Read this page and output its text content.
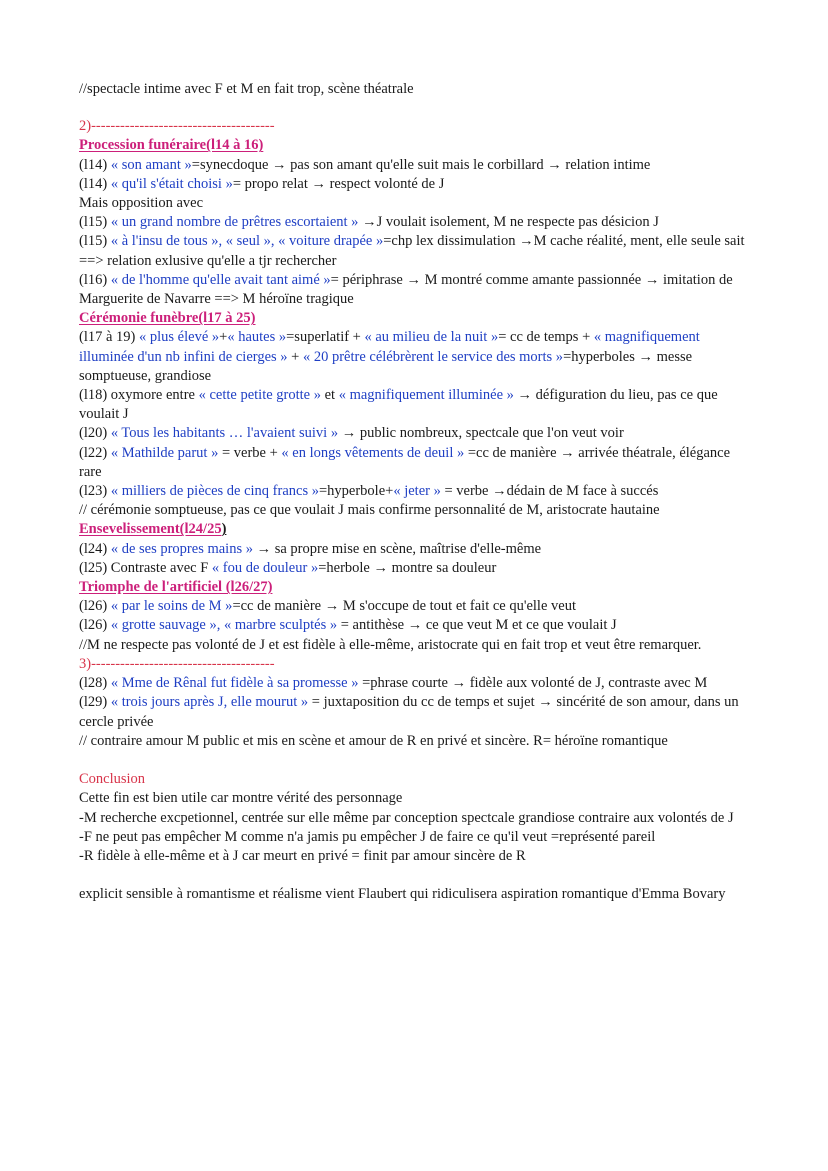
//spectacle intime avec F et M en fait trop, scène théatrale
2)--------------------------------------
Procession funéraire(l14 à 16)
(l14) « son amant »=synecdoque → pas son amant qu'elle suit mais le corbillard → relation intime
(l14) « qu'il s'était choisi »= propo relat → respect volonté de J
Mais opposition avec
(l15) « un grand nombre de prêtres escortaient » →J voulait isolement, M ne respecte pas désicion J
(l15) « à l'insu de tous », « seul », « voiture drapée »=chp lex dissimulation →M cache réalité, ment, elle seule sait ==> relation exlusive qu'elle a tjr rechercher
(l16) « de l'homme qu'elle avait tant aimé »= périphrase → M montré comme amante passionnée → imitation de Marguerite de Navarre ==> M héroïne tragique
Cérémonie funèbre(l17 à 25)
(l17 à 19) « plus élevé »+« hautes »=superlatif + « au milieu de la nuit »= cc de temps + « magnifiquement illuminée d'un nb infini de cierges » + « 20 prêtre célébrèrent le service des morts »=hyperboles → messe somptueuse, grandiose
(l18) oxymore entre « cette petite grotte » et « magnifiquement illuminée » → défiguration du lieu, pas ce que voulait J
(l20) « Tous les habitants … l'avaient suivi » → public nombreux, spectcale que l'on veut voir
(l22) « Mathilde parut » = verbe + « en longs vêtements de deuil » =cc de manière → arrivée théatrale, élégance rare
(l23) « milliers de pièces de cinq francs »=hyperbole+« jeter » = verbe →dédain de M face à succés
// cérémonie somptueuse, pas ce que voulait J mais confirme personnalité de M, aristocrate hautaine
Ensevelissement(l24/25)
(l24) « de ses propres mains » → sa propre mise en scène, maîtrise d'elle-même
(l25) Contraste avec F « fou de douleur »=herbole → montre sa douleur
Triomphe de l'artificiel (l26/27)
(l26) « par le soins de M »=cc de manière → M s'occupe de tout et fait ce qu'elle veut
(l26) « grotte sauvage », « marbre sculptés » = antithèse → ce que veut M et ce que voulait J
//M ne respecte pas volonté de J et est fidèle à elle-même, aristocrate qui en fait trop et veut être remarquer.
3)--------------------------------------
(l28) « Mme de Rênal fut fidèle à sa promesse » =phrase courte → fidèle aux volonté de J, contraste avec M
(l29) « trois jours après J, elle mourut » = juxtaposition du cc de temps et sujet → sincérité de son amour, dans un cercle privée
// contraire amour M public et mis en scène et amour de R en privé et sincère. R= héroïne romantique
Conclusion
Cette fin est bien utile car montre vérité des personnage
-M recherche excpetionnel, centrée sur elle même par conception spectcale grandiose contraire aux volontés de J
-F ne peut pas empêcher M comme n'a jamis pu empêcher J de faire ce qu'il veut =représenté pareil
-R fidèle à elle-même et à J car meurt en privé = finit par amour sincère de R
explicit sensible à romantisme et réalisme vient Flaubert qui ridiculisera aspiration romantique d'Emma Bovary
